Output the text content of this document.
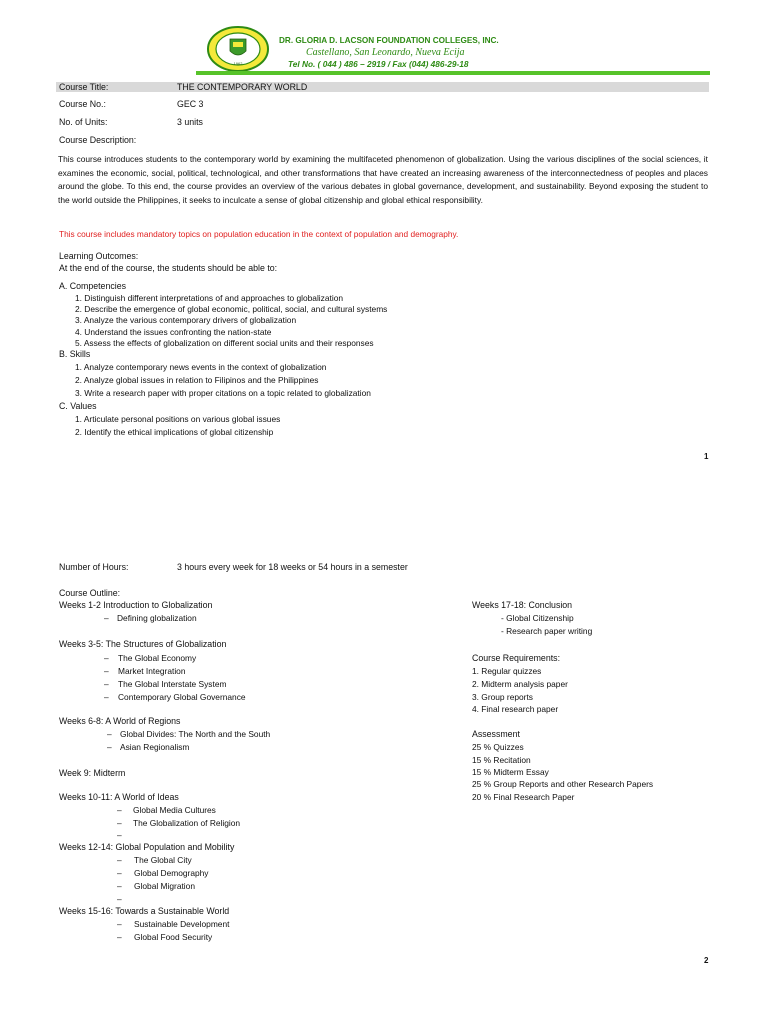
1962
DR. GLORIA D. LACSON FOUNDATION COLLEGES, INC.
Castellano, San Leonardo, Nueva Ecija
Tel No. ( 044 ) 486 – 2919 / Fax (044) 486-29-18
Course Title:	THE CONTEMPORARY WORLD
Course No.:	GEC 3
No. of Units:	3 units
Course Description:
This course introduces students to the contemporary world by examining the multifaceted phenomenon of globalization. Using the various disciplines of the social sciences, it examines the economic, social, political, technological, and other transformations that have created an increasing awareness of the interconnectedness of peoples and places around the globe. To this end, the course provides an overview of the various debates in global governance, development, and sustainability. Beyond exposing the student to the world outside the Philippines, it seeks to inculcate a sense of global citizenship and global ethical responsibility.
This course includes mandatory topics on population education in the context of population and demography.
Learning Outcomes:
At the end of the course, the students should be able to:
A. Competencies
1. Distinguish different interpretations of and approaches to globalization
2. Describe the emergence of global economic, political, social, and cultural systems
3. Analyze the various contemporary drivers of globalization
4. Understand the issues confronting the nation-state
5. Assess the effects of globalization on different social units and their responses
B. Skills
1. Analyze contemporary news events in the context of globalization
2. Analyze global issues in relation to Filipinos and the Philippines
3. Write a research paper with proper citations on a topic related to globalization
C. Values
1. Articulate personal positions on various global issues
2. Identify the ethical implications of global citizenship
1
Number of Hours:	3 hours every week for 18 weeks or 54 hours in a semester
Course Outline:
Weeks 1-2 Introduction to Globalization
– Defining globalization
Weeks 3-5: The Structures of Globalization
– The Global Economy
– Market Integration
– The Global Interstate System
– Contemporary Global Governance
Weeks 6-8: A World of Regions
– Global Divides: The North and the South
– Asian Regionalism
Week 9: Midterm
Weeks 10-11: A World of Ideas
– Global Media Cultures
– The Globalization of Religion
–
Weeks 12-14: Global Population and Mobility
– The Global City
– Global Demography
– Global Migration
–
Weeks 15-16: Towards a Sustainable World
– Sustainable Development
– Global Food Security
Weeks 17-18: Conclusion
- Global Citizenship
- Research paper writing
Course Requirements:
1. Regular quizzes
2. Midterm analysis paper
3. Group reports
4. Final research paper
Assessment
25 % Quizzes
15 % Recitation
15 % Midterm Essay
25 % Group Reports and other Research Papers
20 % Final Research Paper
2
